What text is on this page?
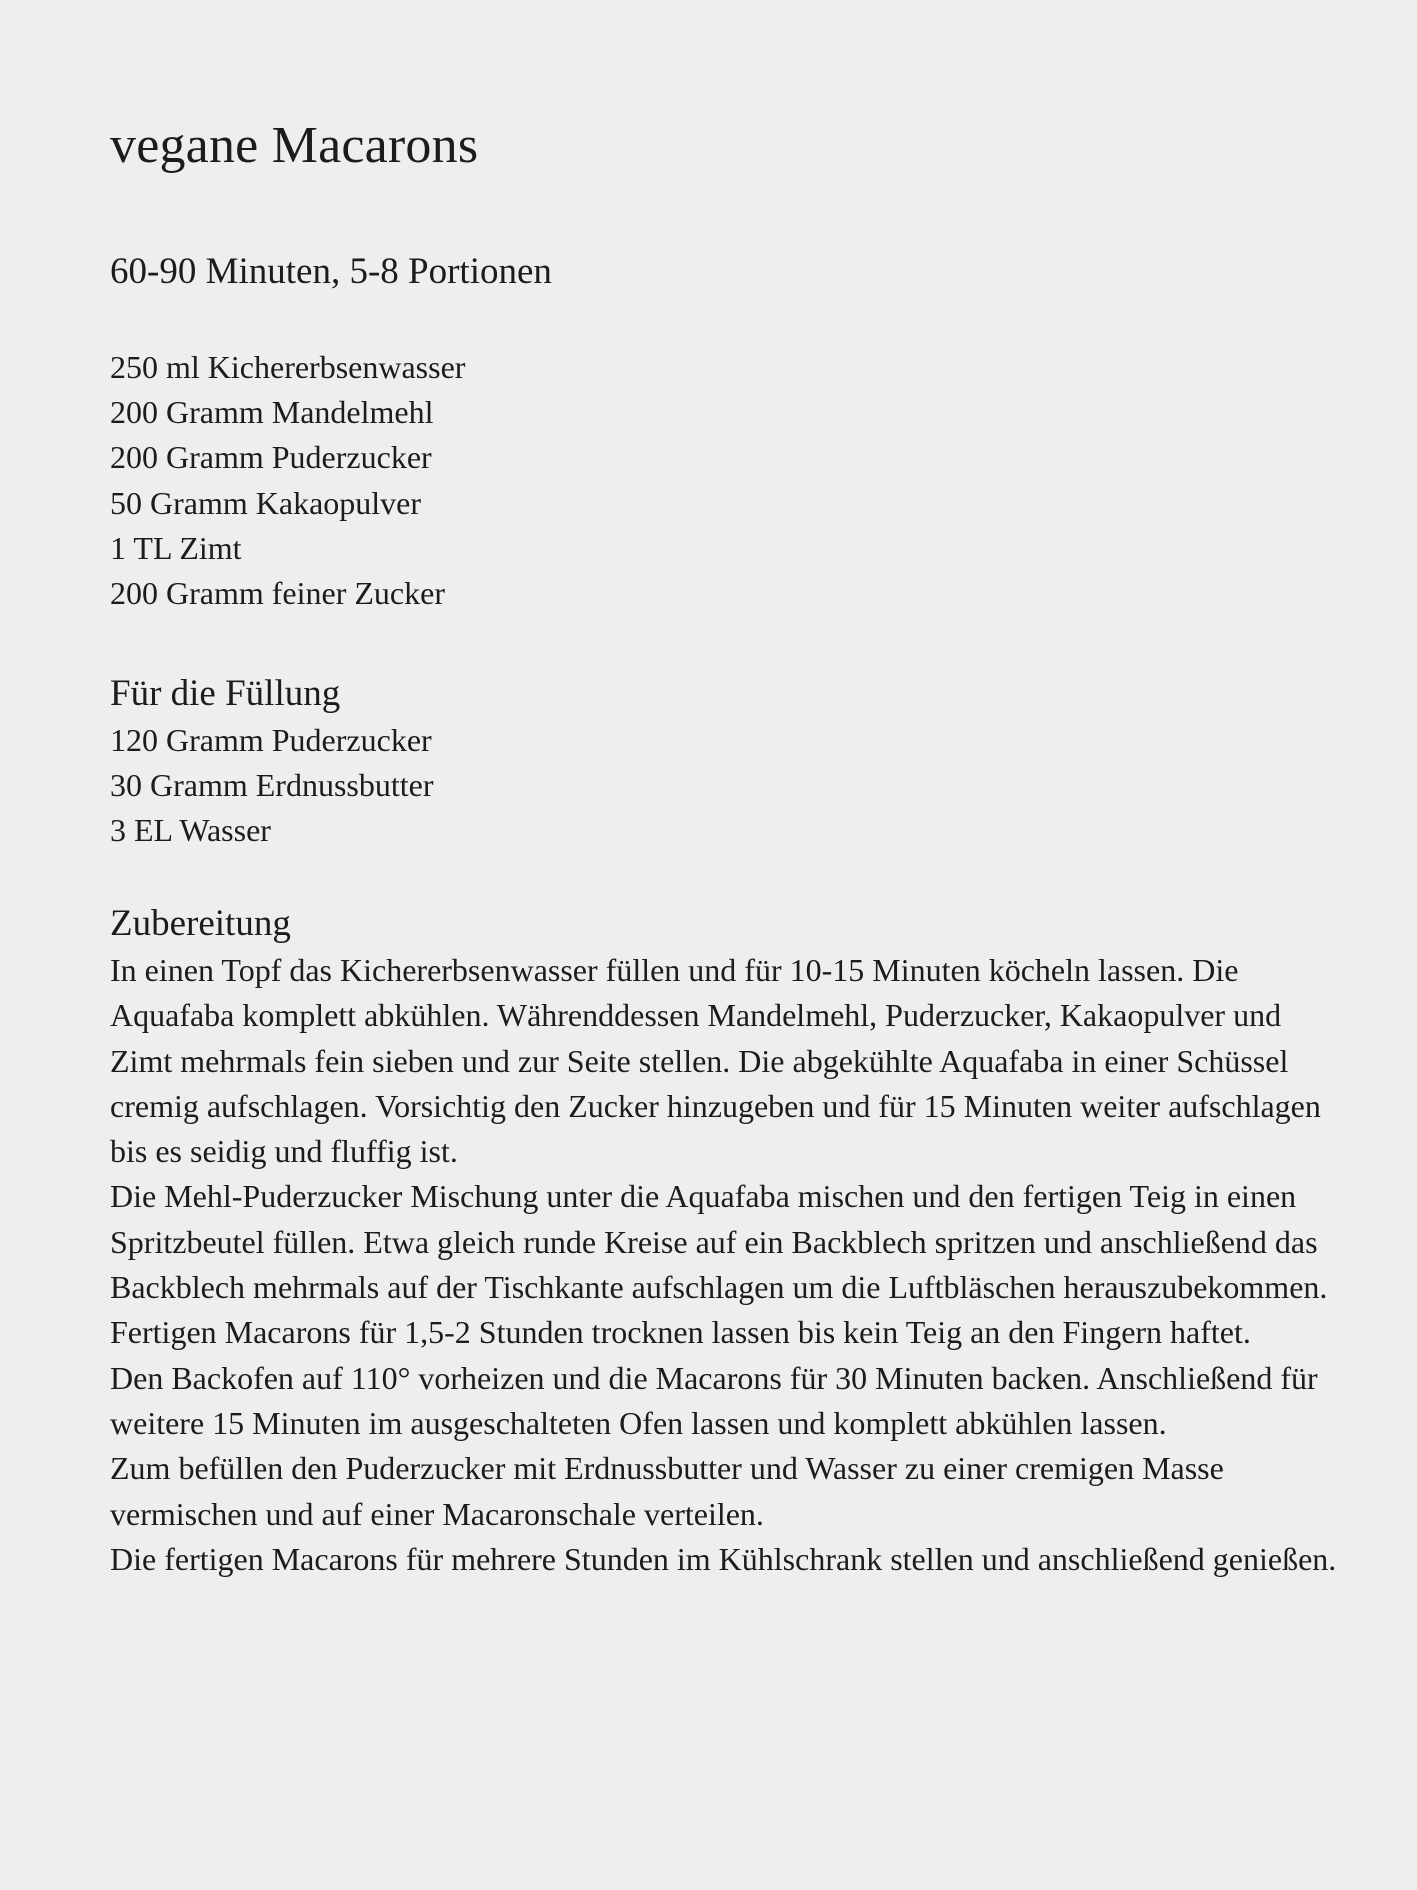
vegane Macarons

60-90 Minuten, 5-8 Portionen

250 ml Kichererbsenwasser
200 Gramm Mandelmehl
200 Gramm Puderzucker
50 Gramm Kakaopulver
1 TL Zimt
200 Gramm feiner Zucker
Für die Füllung
120 Gramm Puderzucker
30 Gramm Erdnussbutter
3 EL Wasser
Zubereitung

In einen Topf das Kichererbsenwasser füllen und für 10-15 Minuten köcheln lassen. Die Aquafaba komplett abkühlen. Währenddessen Mandelmehl, Puderzucker, Kakaopulver und Zimt mehrmals fein sieben und zur Seite stellen. Die abgekühlte Aquafaba in einer Schüssel cremig aufschlagen. Vorsichtig den Zucker hinzugeben und für 15 Minuten weiter aufschlagen bis es seidig und fluffig ist.

Die Mehl-Puderzucker Mischung unter die Aquafaba mischen und den fertigen Teig in einen Spritzbeutel füllen. Etwa gleich runde Kreise auf ein Backblech spritzen und anschließend das Backblech mehrmals auf der Tischkante aufschlagen um die Luftbläschen herauszubekommen.

Fertigen Macarons für 1,5-2 Stunden trocknen lassen bis kein Teig an den Fingern haftet.

Den Backofen auf 110° vorheizen und die Macarons für 30 Minuten backen. Anschließend für weitere 15 Minuten im ausgeschalteten Ofen lassen und komplett abkühlen lassen.

Zum befüllen den Puderzucker mit Erdnussbutter und Wasser zu einer cremigen Masse vermischen und auf einer Macaronschale verteilen.

Die fertigen Macarons für mehrere Stunden im Kühlschrank stellen und anschließend genießen.
